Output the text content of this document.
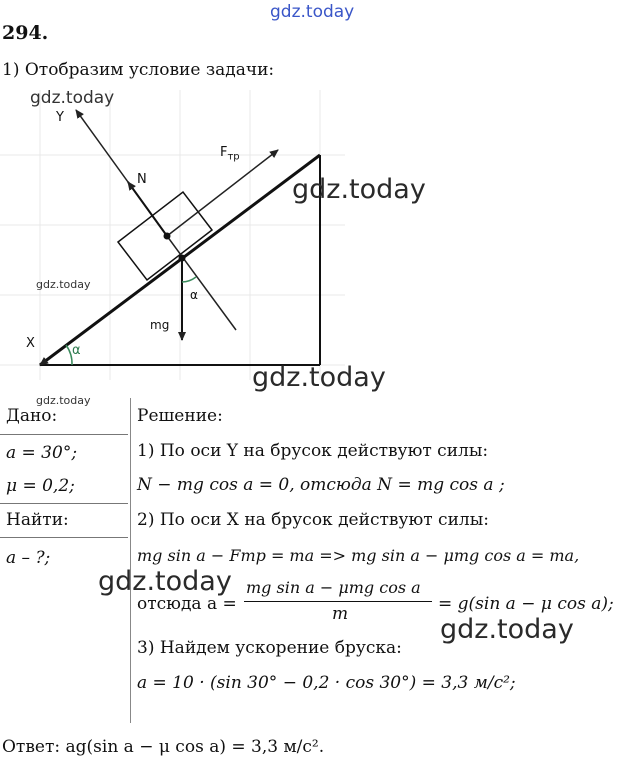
gdz.today
294.
1) Отобразим условие задачи:
Y
N
$F_{тр}$
mg
α
X	α
gdz.today
gdz.today
gdz.today
gdz.today
gdz.today
Дано:
a = 30°;
μ = 0,2;
Найти:
a – ?;
Решение:
1) По оси Y на брусок действуют силы:
N − mg cos a = 0, отсюда N = mg cos a ;
2) По оси X на брусок действуют силы:
mg sin a − Fтр = ma => mg sin a − μmg cos a = ma,
отсюда a =
mg sin a − μmg cos a
m	= g(sin a − μ cos a);
3) Найдем ускорение бруска:
a = 10 · (sin 30° − 0,2 · cos 30°) = 3,3 м/с²;
gdz.today
gdz.today
Ответ: ag(sin a − μ cos a) = 3,3 м/с².
